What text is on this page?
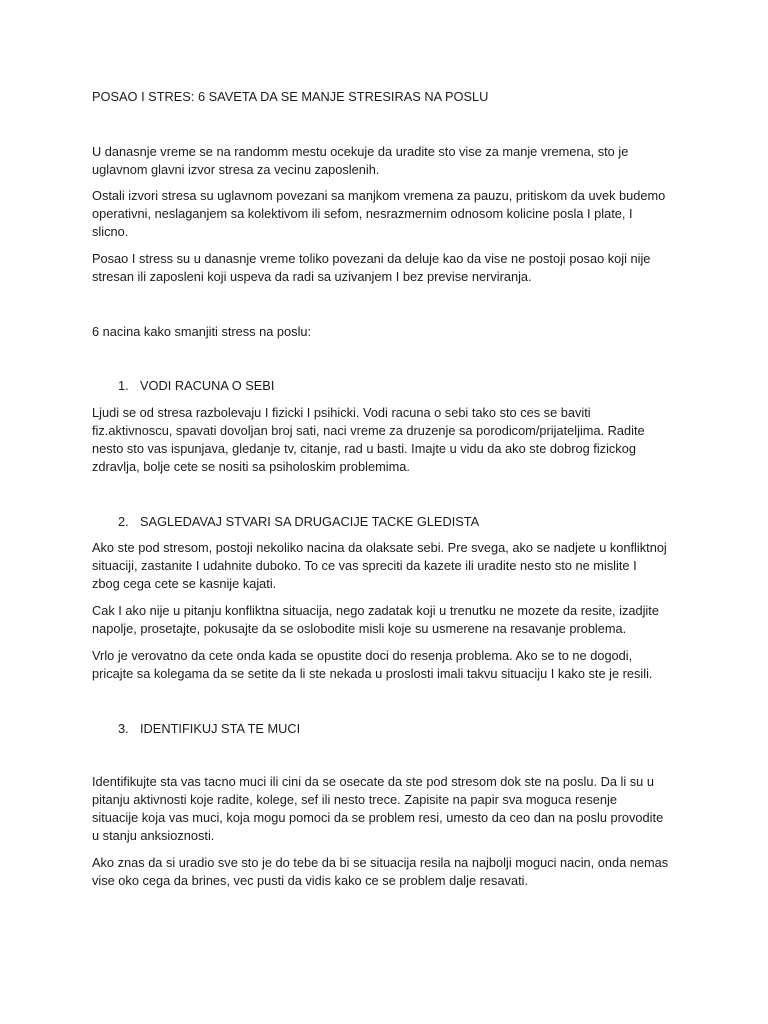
POSAO I STRES: 6 SAVETA DA SE MANJE STRESIRAS NA POSLU

U danasnje vreme se na randomm mestu ocekuje da uradite sto vise za manje vremena, sto je

uglavnom glavni izvor stresa za vecinu zaposlenih.

Ostali izvori stresa su uglavnom povezani sa manjkom vremena za pauzu, pritiskom da uvek budemo

operativni, neslaganjem sa kolektivom ili sefom, nesrazmernim odnosom kolicine posla I plate, I

slicno.

Posao I stress su u danasnje vreme toliko povezani da deluje kao da vise ne postoji posao koji nije

stresan ili zaposleni koji uspeva da radi sa uzivanjem I bez previse nerviranja.

6 nacina kako smanjiti stress na poslu:

1. VODI RACUNA O SEBI

Ljudi se od stresa razbolevaju I fizicki I psihicki. Vodi racuna o sebi tako sto ces se baviti

fiz.aktivnoscu, spavati dovoljan broj sati, naci vreme za druzenje sa porodicom/prijateljima. Radite

nesto sto vas ispunjava, gledanje tv, citanje, rad u basti. Imajte u vidu da ako ste dobrog fizickog

zdravlja, bolje cete se nositi sa psiholoskim problemima.

2. SAGLEDAVAJ STVARI SA DRUGACIJE TACKE GLEDISTA

Ako ste pod stresom, postoji nekoliko nacina da olaksate sebi. Pre svega, ako se nadjete u konfliktnoj

situaciji, zastanite I udahnite duboko. To ce vas spreciti da kazete ili uradite nesto sto ne mislite I

zbog cega cete se kasnije kajati.

Cak I ako nije u pitanju konfliktna situacija, nego zadatak koji u trenutku ne mozete da resite, izadjite

napolje, prosetajte, pokusajte da se oslobodite misli koje su usmerene na resavanje problema.

Vrlo je verovatno da cete onda kada se opustite doci do resenja problema. Ako se to ne dogodi,

pricajte sa kolegama da se setite da li ste nekada u proslosti imali takvu situaciju I kako ste je resili.

3. IDENTIFIKUJ STA TE MUCI

Identifikujte sta vas tacno muci ili cini da se osecate da ste pod stresom dok ste na poslu. Da li su u

pitanju aktivnosti koje radite, kolege, sef ili nesto trece. Zapisite na papir sva moguca resenje

situacije koja vas muci, koja mogu pomoci da se problem resi, umesto da ceo dan na poslu provodite

u stanju anksioznosti.

Ako znas da si uradio sve sto je do tebe da bi se situacija resila na najbolji moguci nacin, onda nemas

vise oko cega da brines, vec pusti da vidis kako ce se problem dalje resavati.
